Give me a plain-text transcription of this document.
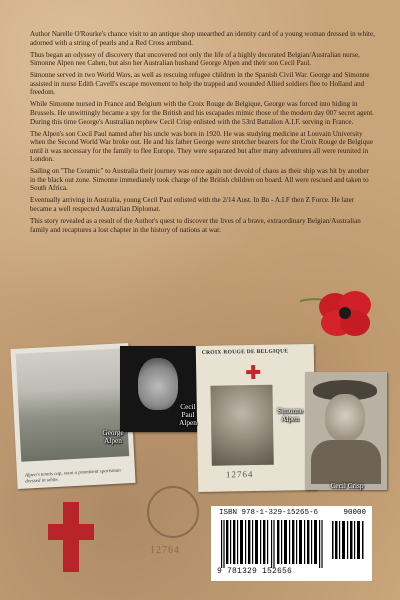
Author Narelle O'Rourke's chance visit to an antique shop unearthed an identity card of a young woman dressed in white, adorned with a string of pearls and a Red Cross armband.

Thus began an odyssey of discovery that uncovered not only the life of a highly decorated Belgian/Australian nurse, Simonne Alpen nee Cahen, but also her Australian husband George Alpen and their son Cecil Paul.

Simonne served in two World Wars, as well as rescuing refugee children in the Spanish Civil War. George and Simonne assisted in nurse Edith Cavell's escape movement to help the trapped and wounded Allied soldiers flee to Holland and freedom.

While Simonne nursed in France and Belgium with the Croix Rouge de Belgique, George was forced into hiding in Brussels. He unwittingly became a spy for the British and his escapades mimic those of the modern day 007 secret agent. During this time George's Australian nephew Cecil Crisp enlisted with the 53rd Battalion A.I.F. serving in France.

The Alpen's son Cecil Paul named after his uncle was born in 1920. He was studying medicine at Louvain University when the Second World War broke out. He and his father George were stretcher bearers for the Croix Rouge de Belgique until it was necessary for the family to flee Europe. They were separated but after many adventures all were reunited in London.

Sailing on "The Ceramic" to Australia their journey was once again not devoid of chaos as their ship was hit by another in the black out zone. Simonne immediately took charge of the British children on board. All were rescued and taken to South Africa.

Eventually arriving in Australia, young Cecil Paul enlisted with the 2/14 Aust. In Bn - A.I.F then Z Force. He later became a well respected Australian Diplomat.

This story revealed as a result of the Author's quest to discover the lives of a brave, extraordinary Belgian/Australian family and recaptures a lost chapter in the history of nations at war.

Alpen's tennis cap, soon a prominent sportsman dressed in white.
CROIX ROUGE DE BELGIQUE
12764
George Alpen
Cecil Paul Alpen
Simonne Alpen
Cecil Crisp
12764
ISBN 978-1-329-15265-6	90000
9 781329 152656
